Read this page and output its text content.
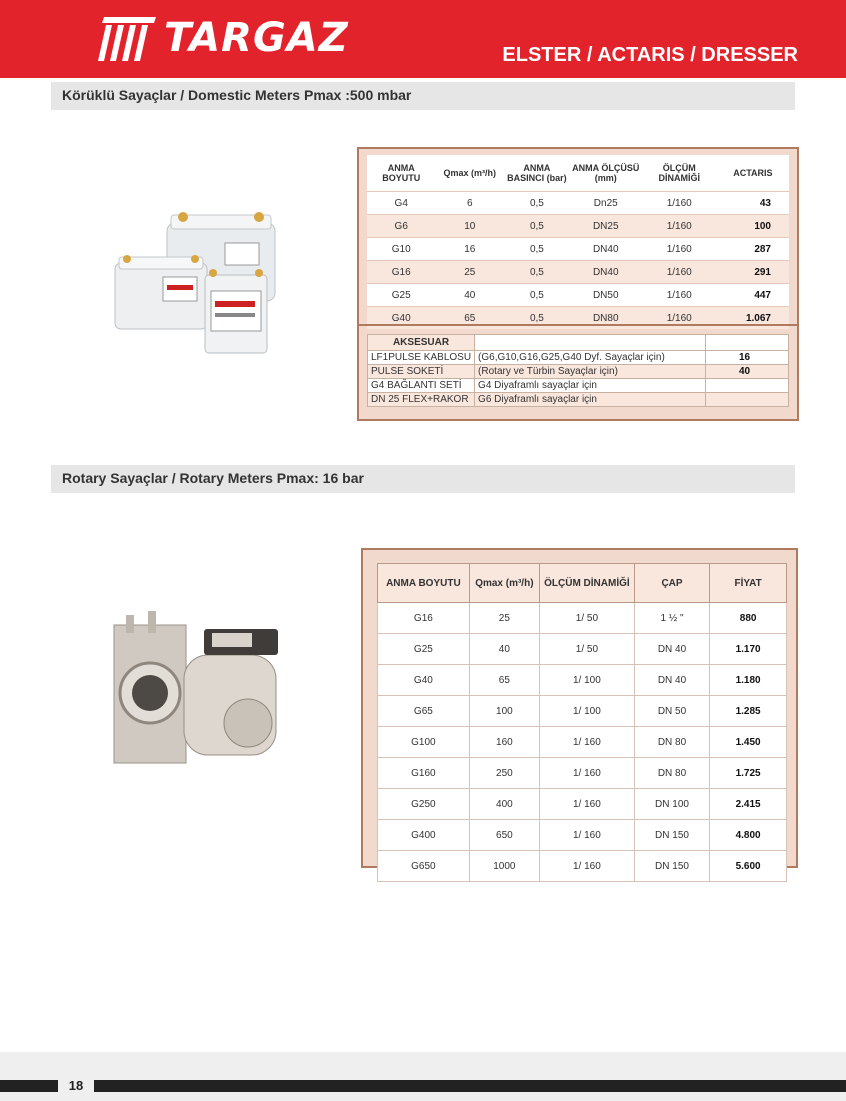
TARGAZ	ELSTER / ACTARIS / DRESSER
Körüklü Sayaçlar / Domestic Meters Pmax :500 mbar
ANMA BOYUTU	Qmax (m³/h)	ANMA BASINCI (bar)	ANMA ÖLÇÜSÜ (mm)	ÖLÇÜM DİNAMİĞİ	ACTARIS
G4	6	0,5	Dn25	1/160	43
G6	10	0,5	DN25	1/160	100
G10	16	0,5	DN40	1/160	287
G16	25	0,5	DN40	1/160	291
G25	40	0,5	DN50	1/160	447
G40	65	0,5	DN80	1/160	1.067
AKSESUAR		
LF1PULSE KABLOSU	(G6,G10,G16,G25,G40 Dyf. Sayaçlar için)	16
PULSE SOKETİ	(Rotary ve Türbin Sayaçlar için)	40
G4 BAĞLANTI SETİ	G4 Diyaframlı sayaçlar için	
DN 25 FLEX+RAKOR	G6 Diyaframlı sayaçlar için	
Rotary Sayaçlar / Rotary Meters Pmax: 16 bar
ANMA BOYUTU	Qmax (m³/h)	ÖLÇÜM DİNAMİĞİ	ÇAP	FİYAT
G16	25	1/ 50	1 ½ "	880
G25	40	1/ 50	DN 40	1.170
G40	65	1/ 100	DN 40	1.180
G65	100	1/ 100	DN 50	1.285
G100	160	1/ 160	DN 80	1.450
G160	250	1/ 160	DN 80	1.725
G250	400	1/ 160	DN 100	2.415
G400	650	1/ 160	DN 150	4.800
G650	1000	1/ 160	DN 150	5.600
18
